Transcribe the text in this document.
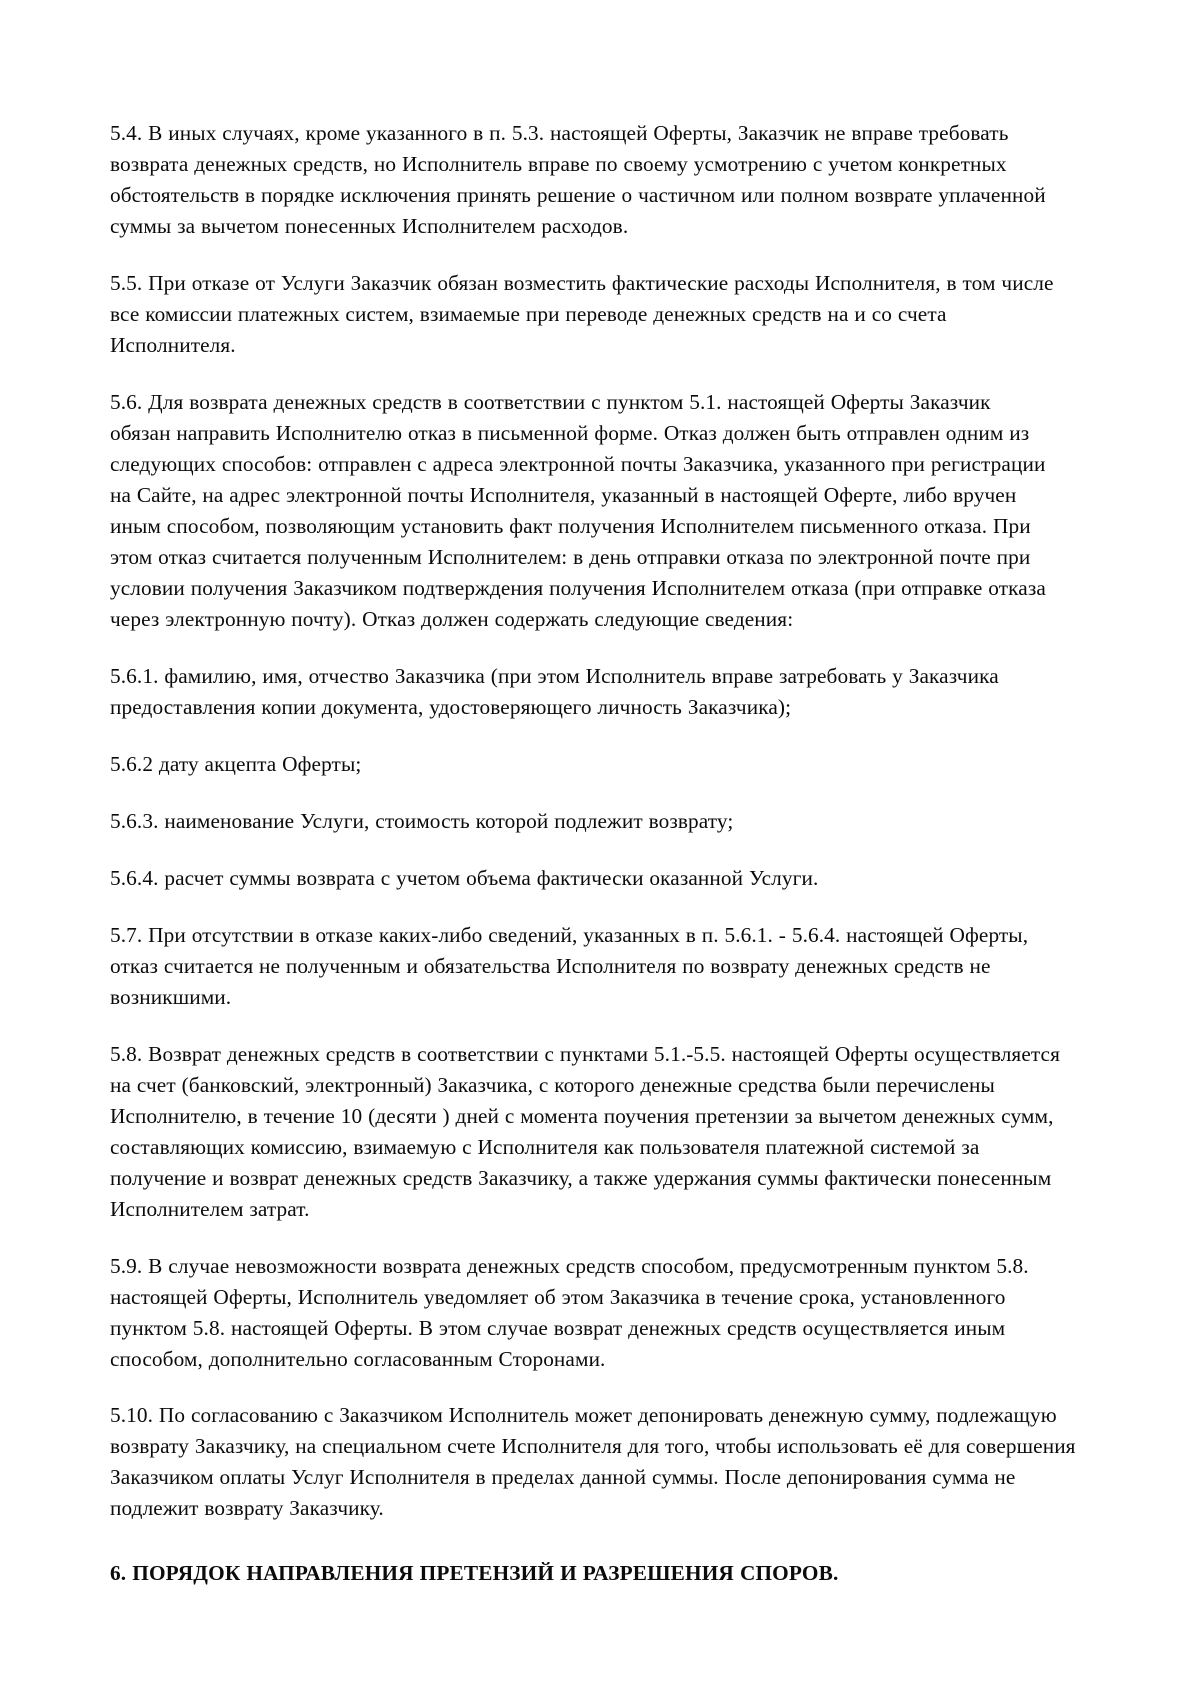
5.4. В иных случаях, кроме указанного в п. 5.3. настоящей Оферты, Заказчик не вправе требовать возврата денежных средств, но Исполнитель вправе по своему усмотрению с учетом конкретных обстоятельств в порядке исключения принять решение о частичном или полном возврате уплаченной суммы за вычетом понесенных Исполнителем расходов.

5.5. При отказе от Услуги Заказчик обязан возместить фактические расходы Исполнителя, в том числе все комиссии платежных систем, взимаемые при переводе денежных средств на и со счета Исполнителя.

5.6. Для возврата денежных средств в соответствии с пунктом 5.1. настоящей Оферты Заказчик обязан направить Исполнителю отказ в письменной форме. Отказ должен быть отправлен одним из следующих способов: отправлен с адреса электронной почты Заказчика, указанного при регистрации на Сайте, на адрес электронной почты Исполнителя, указанный в настоящей Оферте, либо вручен иным способом, позволяющим установить факт получения Исполнителем письменного отказа. При этом отказ считается полученным Исполнителем: в день отправки отказа по электронной почте при условии получения Заказчиком подтверждения получения Исполнителем отказа (при отправке отказа через электронную почту). Отказ должен содержать следующие сведения:

5.6.1. фамилию, имя, отчество Заказчика (при этом Исполнитель вправе затребовать у Заказчика предоставления копии документа, удостоверяющего личность Заказчика);

5.6.2 дату акцепта Оферты;

5.6.3. наименование Услуги, стоимость которой подлежит возврату;

5.6.4. расчет суммы возврата с учетом объема фактически оказанной Услуги.

5.7. При отсутствии в отказе каких-либо сведений, указанных в п. 5.6.1. - 5.6.4. настоящей Оферты, отказ считается не полученным и обязательства Исполнителя по возврату денежных средств не возникшими.

5.8. Возврат денежных средств в соответствии с пунктами 5.1.-5.5. настоящей Оферты осуществляется на счет (банковский, электронный) Заказчика, с которого денежные средства были перечислены Исполнителю, в течение 10 (десяти ) дней с момента поучения претензии за вычетом денежных сумм, составляющих комиссию, взимаемую с Исполнителя как пользователя платежной системой за получение и возврат денежных средств Заказчику, а также удержания суммы фактически понесенным Исполнителем затрат.

5.9. В случае невозможности возврата денежных средств способом, предусмотренным пунктом 5.8. настоящей Оферты, Исполнитель уведомляет об этом Заказчика в течение срока, установленного пунктом 5.8. настоящей Оферты. В этом случае возврат денежных средств осуществляется иным способом, дополнительно согласованным Сторонами.

5.10. По согласованию с Заказчиком Исполнитель может депонировать денежную сумму, подлежащую возврату Заказчику, на специальном счете Исполнителя для того, чтобы использовать её для совершения Заказчиком оплаты Услуг Исполнителя в пределах данной суммы. После депонирования сумма не подлежит возврату Заказчику.

6. ПОРЯДОК НАПРАВЛЕНИЯ ПРЕТЕНЗИЙ И РАЗРЕШЕНИЯ СПОРОВ.
